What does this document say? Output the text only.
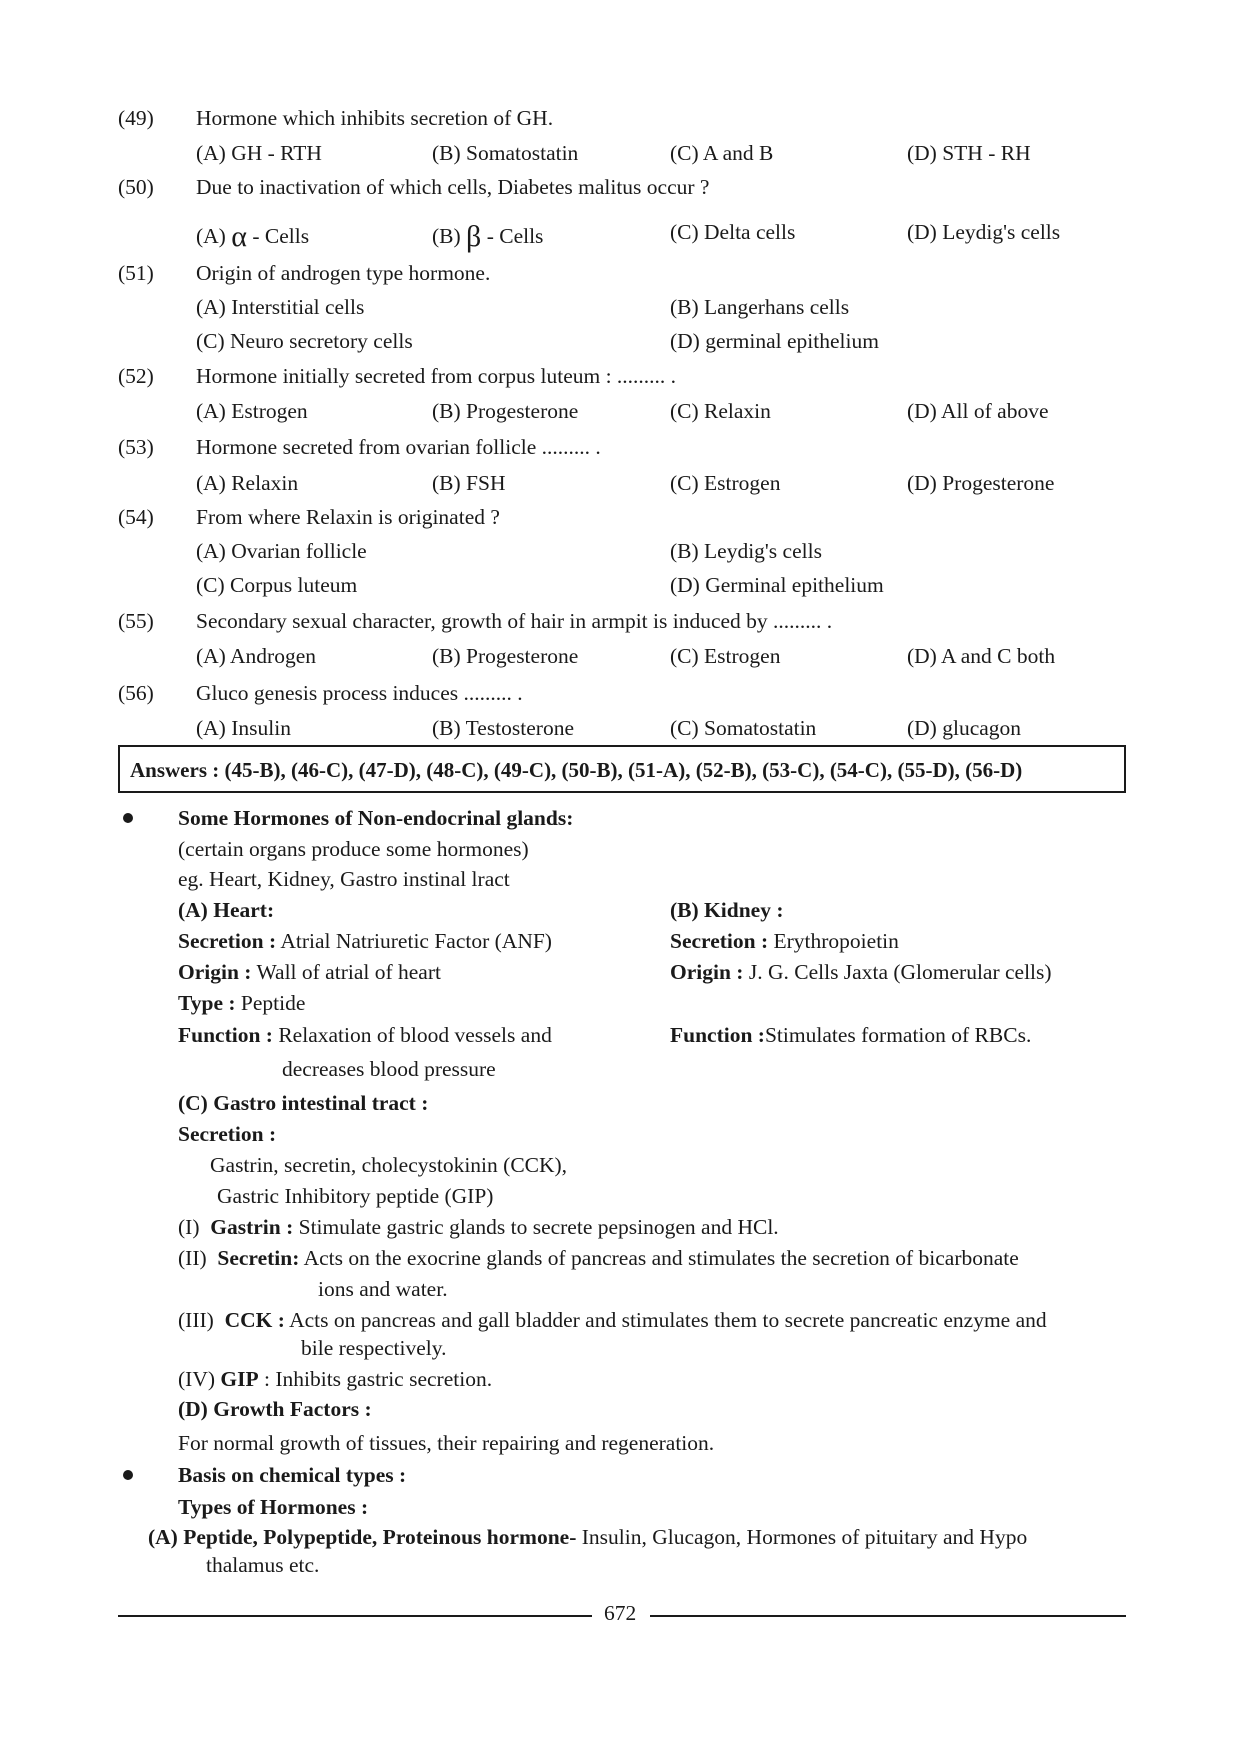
(49) Hormone which inhibits secretion of GH.
(A) GH - RTH	(B) Somatostatin	(C) A and B	(D) STH - RH
(50) Due to inactivation of which cells, Diabetes malitus occur ?
(A) α - Cells	(B) β - Cells	(C) Delta cells	(D) Leydig's cells
(51) Origin of androgen type hormone.
(A) Interstitial cells	(B) Langerhans cells
(C) Neuro secretory cells	(D) germinal epithelium
(52) Hormone initially secreted from corpus luteum : ......... .
(A) Estrogen	(B) Progesterone	(C) Relaxin	(D) All of above
(53) Hormone secreted from ovarian follicle ......... .
(A) Relaxin	(B) FSH	(C) Estrogen	(D) Progesterone
(54) From where Relaxin is originated ?
(A) Ovarian follicle	(B) Leydig's cells
(C) Corpus luteum	(D) Germinal epithelium
(55) Secondary sexual character, growth of hair in armpit is induced by ......... .
(A) Androgen	(B) Progesterone	(C) Estrogen	(D) A and C both
(56) Gluco genesis process induces ......... .
(A) Insulin	(B) Testosterone	(C) Somatostatin	(D) glucagon
Answers : (45-B), (46-C), (47-D), (48-C), (49-C), (50-B), (51-A), (52-B), (53-C), (54-C), (55-D), (56-D)
Some Hormones of Non-endocrinal glands:
(certain organs produce some hormones)
eg. Heart, Kidney, Gastro instinal lract
(A) Heart:
Secretion : Atrial Natriuretic Factor (ANF)
Origin : Wall of atrial of heart
Type : Peptide
Function : Relaxation of blood vessels and
decreases blood pressure
(B) Kidney :
Secretion : Erythropoietin
Origin : J. G. Cells Jaxta (Glomerular cells)
Function :Stimulates formation of RBCs.
(C) Gastro intestinal tract :
Secretion :
Gastrin, secretin, cholecystokinin (CCK),
Gastric Inhibitory peptide (GIP)
(I) Gastrin : Stimulate gastric glands to secrete pepsinogen and HCl.
(II) Secretin: Acts on the exocrine glands of pancreas and stimulates the secretion of bicarbonate
ions and water.
(III) CCK : Acts on pancreas and gall bladder and stimulates them to secrete pancreatic enzyme and
bile respectively.
(IV) GIP : Inhibits gastric secretion.
(D) Growth Factors :
For normal growth of tissues, their repairing and regeneration.
Basis on chemical types :
Types of Hormones :
(A) Peptide, Polypeptide, Proteinous hormone- Insulin, Glucagon, Hormones of pituitary and Hypo
thalamus etc.
672
